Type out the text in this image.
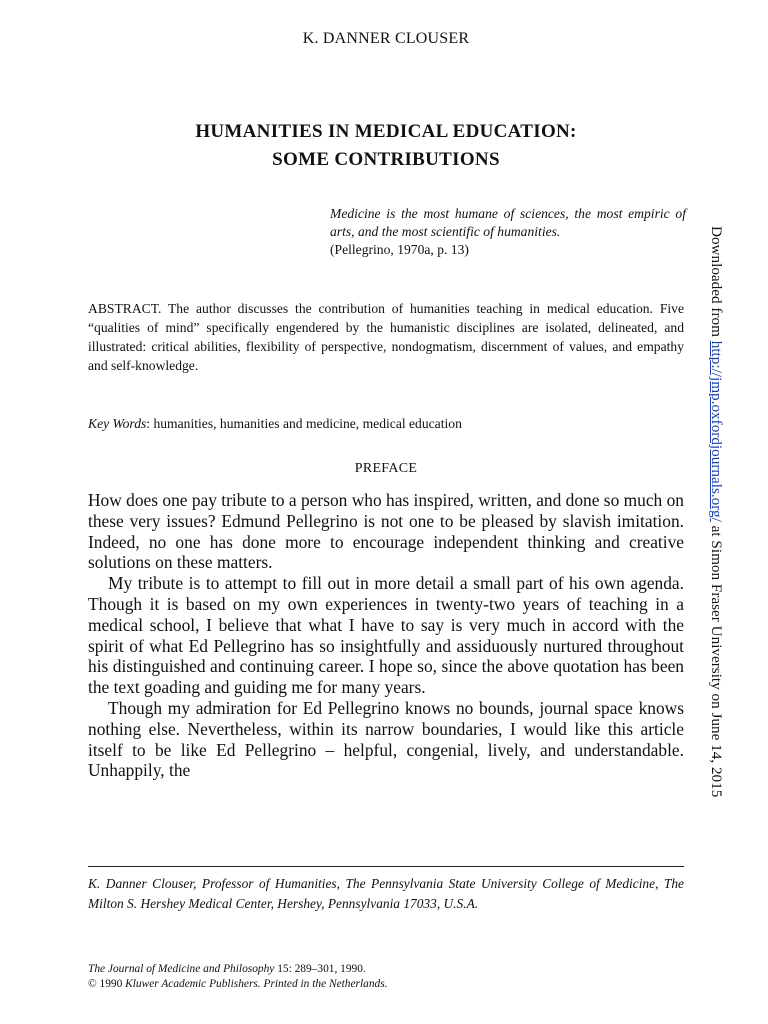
K. DANNER CLOUSER
HUMANITIES IN MEDICAL EDUCATION:
SOME CONTRIBUTIONS
Medicine is the most humane of sciences, the most empiric of arts, and the most scientific of humanities.
(Pellegrino, 1970a, p. 13)
ABSTRACT. The author discusses the contribution of humanities teaching in medical education. Five “qualities of mind” specifically engendered by the humanistic disciplines are isolated, delineated, and illustrated: critical abilities, flexibility of perspective, nondogmatism, discernment of values, and empathy and self-knowledge.
Key Words: humanities, humanities and medicine, medical education
PREFACE

How does one pay tribute to a person who has inspired, written, and done so much on these very issues? Edmund Pellegrino is not one to be pleased by slavish imitation. Indeed, no one has done more to encourage independent thinking and creative solutions on these matters.

My tribute is to attempt to fill out in more detail a small part of his own agenda. Though it is based on my own experiences in twenty-two years of teaching in a medical school, I believe that what I have to say is very much in accord with the spirit of what Ed Pellegrino has so insightfully and assiduously nurtured throughout his distinguished and continuing career. I hope so, since the above quotation has been the text goading and guiding me for many years.

Though my admiration for Ed Pellegrino knows no bounds, journal space knows nothing else. Nevertheless, within its narrow boundaries, I would like this article itself to be like Ed Pellegrino – helpful, congenial, lively, and understandable. Unhappily, the

K. Danner Clouser, Professor of Humanities, The Pennsylvania State University College of Medicine, The Milton S. Hershey Medical Center, Hershey, Pennsylvania 17033, U.S.A.
The Journal of Medicine and Philosophy 15: 289–301, 1990.
© 1990 Kluwer Academic Publishers. Printed in the Netherlands.
Downloaded from http://jmp.oxfordjournals.org/ at Simon Fraser University on June 14, 2015
